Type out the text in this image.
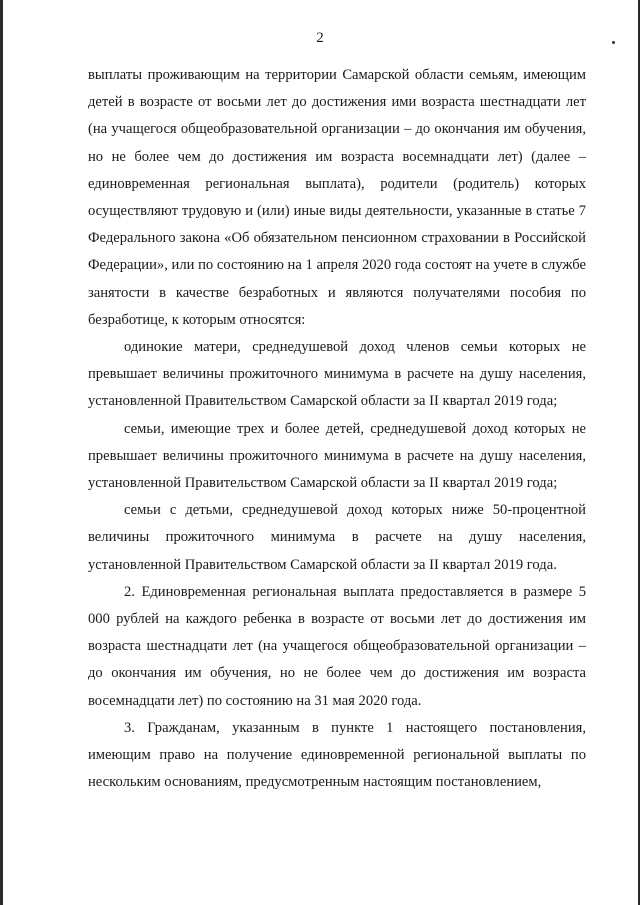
2

выплаты проживающим на территории Самарской области семьям, имеющим детей в возрасте от восьми лет до достижения ими возраста шестнадцати лет (на учащегося общеобразовательной организации – до окончания им обучения, но не более чем до достижения им возраста восемнадцати лет) (далее – единовременная региональная выплата), родители (родитель) которых осуществляют трудовую и (или) иные виды деятельности, указанные в статье 7 Федерального закона «Об обязательном пенсионном страховании в Российской Федерации», или по состоянию на 1 апреля 2020 года состоят на учете в службе занятости в качестве безработных и являются получателями пособия по безработице, к которым относятся:

одинокие матери, среднедушевой доход членов семьи которых не превышает величины прожиточного минимума в расчете на душу населения, установленной Правительством Самарской области за II квартал 2019 года;

семьи, имеющие трех и более детей, среднедушевой доход которых не превышает величины прожиточного минимума в расчете на душу населения, установленной Правительством Самарской области за II квартал 2019 года;

семьи с детьми, среднедушевой доход которых ниже 50-процентной величины прожиточного минимума в расчете на душу населения, установленной Правительством Самарской области за II квартал 2019 года.

2. Единовременная региональная выплата предоставляется в размере 5 000 рублей на каждого ребенка в возрасте от восьми лет до достижения им возраста шестнадцати лет (на учащегося общеобразовательной организации – до окончания им обучения, но не более чем до достижения им возраста восемнадцати лет) по состоянию на 31 мая 2020 года.

3. Гражданам, указанным в пункте 1 настоящего постановления, имеющим право на получение единовременной региональной выплаты по нескольким основаниям, предусмотренным настоящим постановлением,
